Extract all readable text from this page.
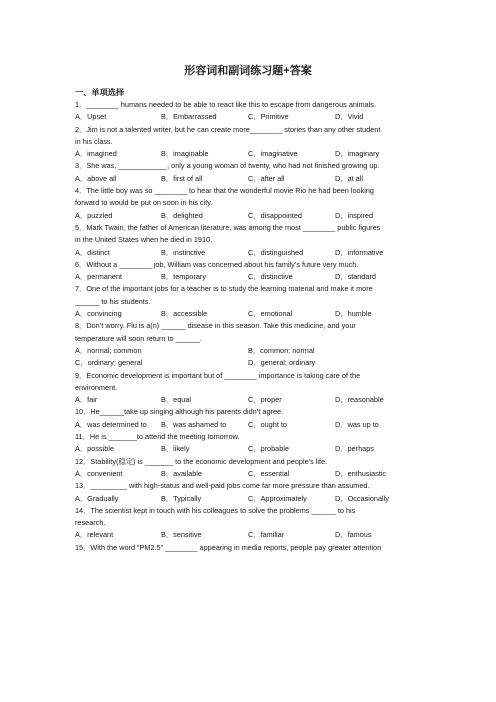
形容词和副词练习题+答案
一、单项选择
1．________ humans needed to be able to react like this to escape from dangerous animals.
A．Upset	B．Embarrassed	C．Primitive	D．Vivid
2．Jim is not a talented writer, but he can create more________ stories than any other student
in his class.
A．imagined	B．imaginable	C．imaginative	D．imaginary
3．She was, ____________, only a young woman of twenty, who had not finished growing up.
A．above all	B．first of all	C．after all	D．at all
4．The little boy was so ________ to hear that the wonderful movie Rio he had been looking
forward to would be put on soon in his city.
A．puzzled	B．delighted	C．disappointed	D．inspired
5．Mark Twain, the father of American literature, was among the most ________ public figures
in the United States when he died in 1910.
A．distinct	B．instinctive	C．distinguished	D．informative
6．Without a ________ job, William was concerned about his family’s future very much.
A．permanent	B．temporary	C．distinctive	D．standard
7．One of the important jobs for a teacher is to study the learning material and make it more
______ to his students.
A．convincing	B．accessible	C．emotional	D．humble
8．Don’t worry. Flu is a(n) ______ disease in this season. Take this medicine, and your
temperature will soon return to ______.
A．normal; common	B．common; normal
C．ordinary; general	D．general; ordinary
9．Economic development is important but of ________ importance is taking care of the
environment.
A．fair	B．equal	C．proper	D．reasonable
10．He______take up singing although his parents didn’t agree.
A．was determined to B．was ashamed to	C．ought to	D．was up to
11．He is _______to attend the meeting tomorrow.
A．possible	B．likely	C．probable	D．perhaps
12．Stability(稳定) is _______ to the economic development and people’s life.
A．convenient	B．available	C．essential	D．enthusiastic
13．_________ with high-status and well-paid jobs come far more pressure than assumed.
A．Gradually	B．Typically	C．Approximately	D．Occasionally
14．The scientist kept in touch with his colleagues to solve the problems ______ to his
research.
A．relevant	B．sensitive	C．familiar	D．famous
15．With the word “PM2.5” ________ appearing in media reports, people pay greater attention
